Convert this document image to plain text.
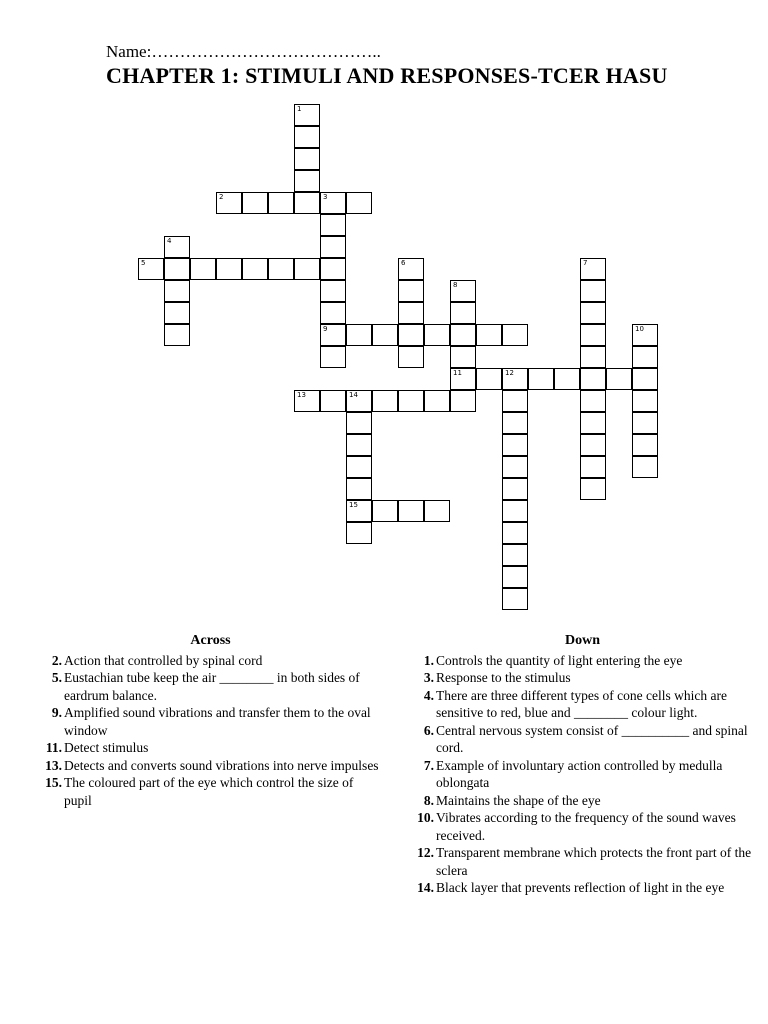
Name:…………………………………..
CHAPTER 1: STIMULI AND RESPONSES-TCER HASU
1
2	3
9
4
5	6	7
8
11
10
12
13	14
15
Across
2. Action that controlled by spinal cord
5. Eustachian tube keep the air ________ in both sides of eardrum balance.
9. Amplified sound vibrations and transfer them to the oval window
11. Detect stimulus
13. Detects and converts sound vibrations into nerve impulses
15. The coloured part of the eye which control the size of pupil
Down
1. Controls the quantity of light entering the eye
3. Response to the stimulus
4. There are three different types of cone cells which are sensitive to red, blue and ________ colour light.
6. Central nervous system consist of __________ and spinal cord.
7. Example of involuntary action controlled by medulla oblongata
8. Maintains the shape of the eye
10. Vibrates according to the frequency of the sound waves received.
12. Transparent membrane which protects the front part of the sclera
14. Black layer that prevents reflection of light in the eye
